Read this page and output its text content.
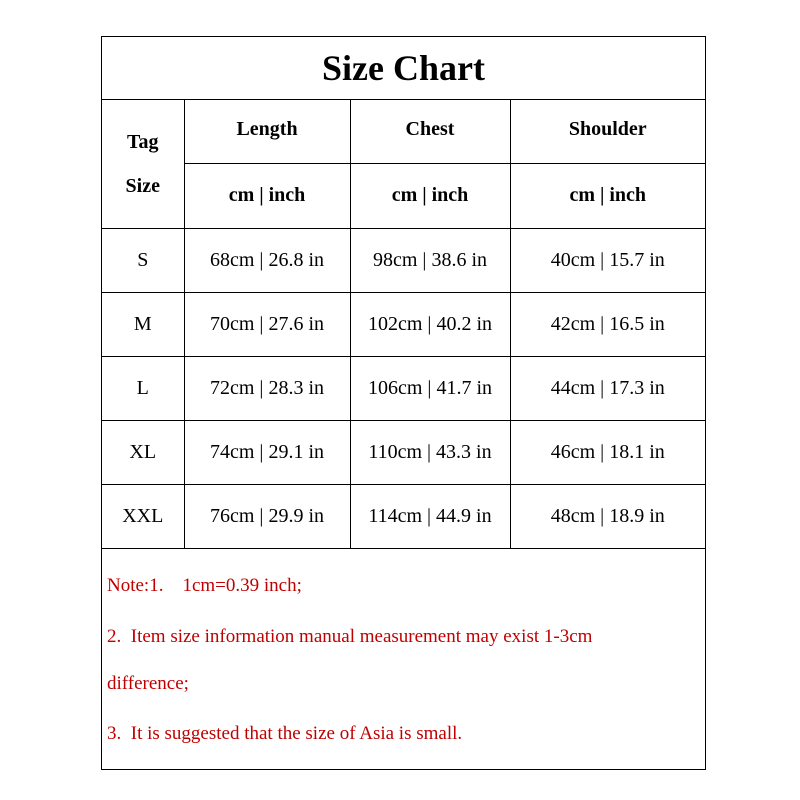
Size Chart
Tag
Size	Length	Chest	Shoulder
	cm | inch	cm | inch	cm | inch
S	68cm | 26.8 in	98cm | 38.6 in	40cm | 15.7 in
M	70cm | 27.6 in	102cm | 40.2 in	42cm | 16.5 in
L	72cm | 28.3 in	106cm | 41.7 in	44cm | 17.3 in
XL	74cm | 29.1 in	110cm | 43.3 in	46cm | 18.1 in
XXL	76cm | 29.9 in	114cm | 44.9 in	48cm | 18.9 in
Note:1.    1cm=0.39 inch;
2.  Item size information manual measurement may exist 1-3cm
difference;
3.  It is suggested that the size of Asia is small.
